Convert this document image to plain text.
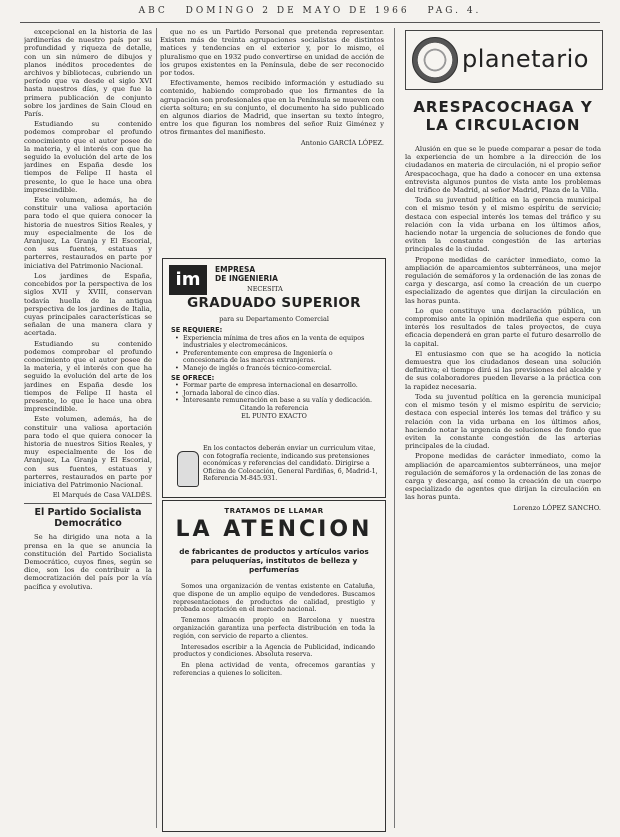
ABC DOMINGO 2 DE MAYO DE 1966 PAG. 4.

excepcional en la historia de las jardinerías de nuestro país por su profundidad y riqueza de detalle, con un sin número de dibujos y planos inéditos procedentes de archivos y bibliotecas, cubriendo un período que va desde el siglo XVI hasta nuestros días, y que fue la primera publicación de conjunto sobre los jardines de Sain Cloud en París.

Estudiando su contenido podemos comprobar el profundo conocimiento que el autor posee de la materia, y el interés con que ha seguido la evolución del arte de los jardines en España desde los tiempos de Felipe II hasta el presente, lo que le hace una obra imprescindible.

Este volumen, además, ha de constituir una valiosa aportación para todo el que quiera conocer la historia de nuestros Sitios Reales, y muy especialmente de los de Aranjuez, La Granja y El Escorial, con sus fuentes, estatuas y parterres, restaurados en parte por iniciativa del Patrimonio Nacional.

Los jardines de España, concebidos por la perspectiva de los siglos XVII y XVIII, conservan todavía huella de la antigua perspectiva de los jardines de Italia, cuyas principales características se señalan de una manera clara y acertada.

Estudiando su contenido podemos comprobar el profundo conocimiento que el autor posee de la materia, y el interés con que ha seguido la evolución del arte de los jardines en España desde los tiempos de Felipe II hasta el presente, lo que le hace una obra imprescindible.

Este volumen, además, ha de constituir una valiosa aportación para todo el que quiera conocer la historia de nuestros Sitios Reales, y muy especialmente de los de Aranjuez, La Granja y El Escorial, con sus fuentes, estatuas y parterres, restaurados en parte por iniciativa del Patrimonio Nacional.

El Marqués de Casa VALDÉS.

El Partido Socialista Democrático

Se ha dirigido una nota a la prensa en la que se anuncia la constitución del Partido Socialista Democrático, cuyos fines, según se dice, son los de contribuir a la democratización del país por la vía pacífica y evolutiva.

que no es un Partido Personal que pretenda representar. Existen más de treinta agrupaciones socialistas de distintos matices y tendencias en el exterior y, por lo mismo, el pluralismo que en 1932 pudo convertirse en unidad de acción de los grupos existentes en la Península, debe de ser reconocido por todos.

Efectivamente, hemos recibido información y estudiado su contenido, habiendo comprobado que los firmantes de la agrupación son profesionales que en la Península se mueven con cierta soltura; en su conjunto, el documento ha sido publicado en algunos diarios de Madrid, que insertan su texto íntegro, entre los que figuran los nombres del señor Ruiz Giménez y otros firmantes del manifiesto.

Antonio GARCÍA LÓPEZ.

im	EMPRESA
DE INGENIERIA
NECESITA
GRADUADO SUPERIOR
para su Departamento Comercial
SE REQUIERE:
• Experiencia mínima de tres años en la venta de equipos industriales y electromecánicos.
• Preferentemente con empresa de Ingeniería o concesionaria de las marcas extranjeras.
• Manejo de inglés o francés técnico-comercial.
SE OFRECE:
• Formar parte de empresa internacional en desarrollo.
• Jornada laboral de cinco días.
• Interesante remuneración en base a su valía y dedicación.
Citando la referencia
EL PUNTO EXACTO
En los contactos deberán enviar un curriculum vitae, con fotografía reciente, indicando sus pretensiones económicas y referencias del candidato. Dirigirse a Oficina de Colocación, General Pardiñas, 6, Madrid-1, Referencia M-845.931.
TRATAMOS DE LLAMAR
LA ATENCION
de fabricantes de productos y artículos varios para peluquerías, institutos de belleza y perfumerías

Somos una organización de ventas existente en Cataluña, que dispone de un amplio equipo de vendedores. Buscamos representaciones de productos de calidad, prestigio y probada aceptación en el mercado nacional.

Tenemos almacén propio en Barcelona y nuestra organización garantiza una perfecta distribución en toda la región, con servicio de reparto a clientes.

Interesados escribir a la Agencia de Publicidad, indicando productos y condiciones. Absoluta reserva.

En plena actividad de venta, ofrecemos garantías y referencias a quienes lo soliciten.

planetario
ARESPACOCHAGA Y LA CIRCULACION

Alusión en que se le puede comparar a pesar de toda la experiencia de un hombre a la dirección de los ciudadanos en materia de circulación, ni el propio señor Arespacochaga, que ha dado a conocer en una extensa entrevista algunos puntos de vista ante los problemas del tráfico de Madrid, al señor Madrid, Plaza de la Villa.

Toda su juventud política en la gerencia municipal con el mismo tesón y el mismo espíritu de servicio; destaca con especial interés los temas del tráfico y su relación con la vida urbana en los últimos años, haciendo notar la urgencia de soluciones de fondo que eviten la constante congestión de las arterias principales de la ciudad.

Propone medidas de carácter inmediato, como la ampliación de aparcamientos subterráneos, una mejor regulación de semáforos y la ordenación de las zonas de carga y descarga, así como la creación de un cuerpo especializado de agentes que dirijan la circulación en las horas punta.

Lo que constituye una declaración pública, un compromiso ante la opinión madrileña que espera con interés los resultados de tales proyectos, de cuya eficacia dependerá en gran parte el futuro desarrollo de la capital.

El entusiasmo con que se ha acogido la noticia demuestra que los ciudadanos desean una solución definitiva; el tiempo dirá si las previsiones del alcalde y de sus colaboradores pueden llevarse a la práctica con la rapidez necesaria.

Toda su juventud política en la gerencia municipal con el mismo tesón y el mismo espíritu de servicio; destaca con especial interés los temas del tráfico y su relación con la vida urbana en los últimos años, haciendo notar la urgencia de soluciones de fondo que eviten la constante congestión de las arterias principales de la ciudad.

Propone medidas de carácter inmediato, como la ampliación de aparcamientos subterráneos, una mejor regulación de semáforos y la ordenación de las zonas de carga y descarga, así como la creación de un cuerpo especializado de agentes que dirijan la circulación en las horas punta.

Lorenzo LÓPEZ SANCHO.
